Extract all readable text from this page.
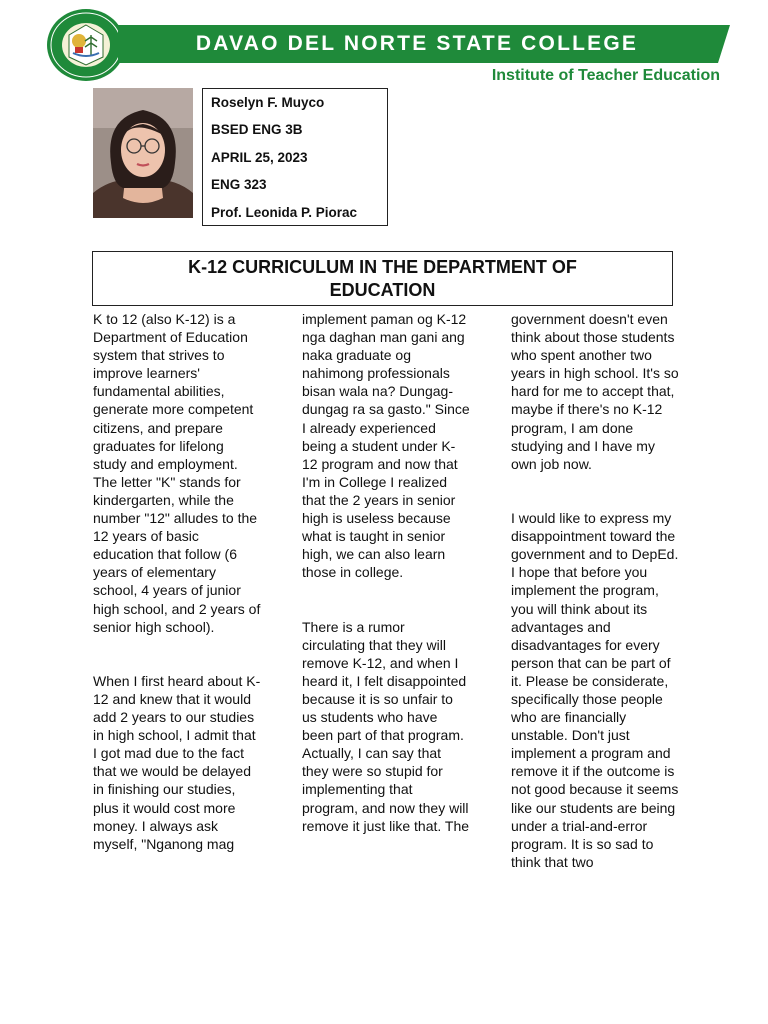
DAVAO DEL NORTE STATE COLLEGE
Institute of Teacher Education
Roselyn F. Muyco
BSED ENG 3B
APRIL 25, 2023
ENG 323
Prof. Leonida P. Piorac
K-12 CURRICULUM IN THE DEPARTMENT OF EDUCATION

K to 12 (also K-12) is a Department of Education system that strives to improve learners' fundamental abilities, generate more competent citizens, and prepare graduates for lifelong study and employment. The letter "K" stands for kindergarten, while the number "12" alludes to the 12 years of basic education that follow (6 years of elementary school, 4 years of junior high school, and 2 years of senior high school).

When I first heard about K-12 and knew that it would add 2 years to our studies in high school, I admit that I got mad due to the fact that we would be delayed in finishing our studies, plus it would cost more money. I always ask myself, "Nganong mag

implement paman og K-12 nga daghan man gani ang naka graduate og nahimong professionals bisan wala na? Dungag-dungag ra sa gasto." Since I already experienced being a student under K-12 program and now that I'm in College I realized that the 2 years in senior high is useless because what is taught in senior high, we can also learn those in college.

There is a rumor circulating that they will remove K-12, and when I heard it, I felt disappointed because it is so unfair to us students who have been part of that program. Actually, I can say that they were so stupid for implementing that program, and now they will remove it just like that. The

government doesn't even think about those students who spent another two years in high school. It's so hard for me to accept that, maybe if there's no K-12 program, I am done studying and I have my own job now.

I would like to express my disappointment toward the government and to DepEd. I hope that before you implement the program, you will think about its advantages and disadvantages for every person that can be part of it. Please be considerate, specifically those people who are financially unstable. Don't just implement a program and remove it if the outcome is not good because it seems like our students are being under a trial-and-error program. It is so sad to think that two
